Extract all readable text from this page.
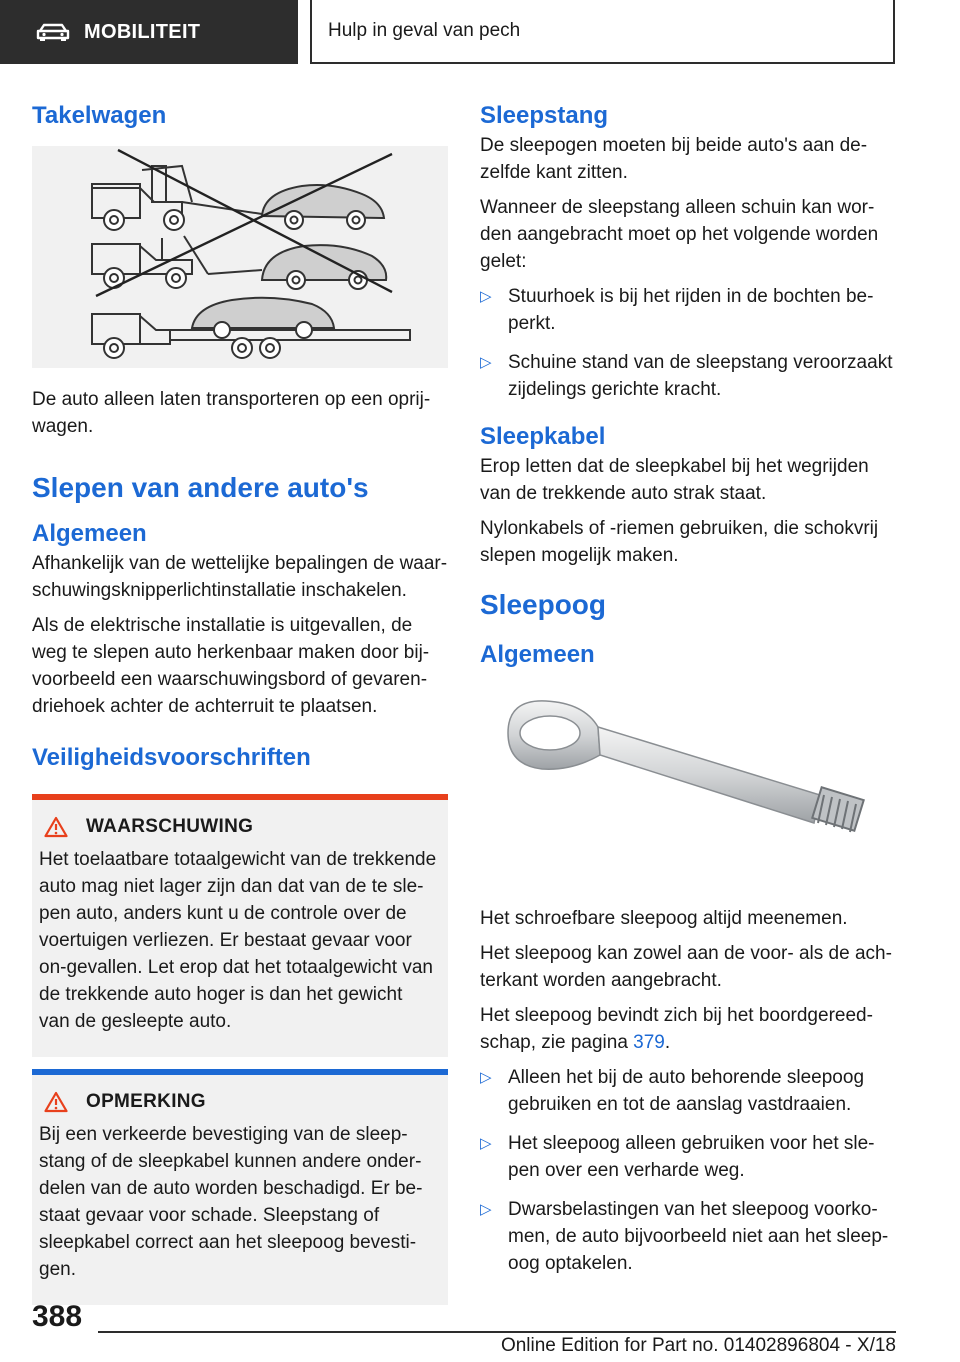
MOBILITEIT	Hulp in geval van pech
Takelwagen

De auto alleen laten transporteren op een oprij-wagen.

Slepen van andere auto's
Algemeen

Afhankelijk van de wettelijke bepalingen de waar-schuwingsknipperlichtinstallatie inschakelen.

Als de elektrische installatie is uitgevallen, de weg te slepen auto herkenbaar maken door bij-voorbeeld een waarschuwingsbord of gevaren-driehoek achter de achterruit te plaatsen.

Veiligheidsvoorschriften
WAARSCHUWING

Het toelaatbare totaalgewicht van de trekkende auto mag niet lager zijn dan dat van de te sle-pen auto, anders kunt u de controle over de voertuigen verliezen. Er bestaat gevaar voor on-gevallen. Let erop dat het totaalgewicht van de trekkende auto hoger is dan het gewicht van de gesleepte auto.

OPMERKING

Bij een verkeerde bevestiging van de sleep-stang of de sleepkabel kunnen andere onder-delen van de auto worden beschadigd. Er be-staat gevaar voor schade. Sleepstang of sleepkabel correct aan het sleepoog bevesti-gen.

Sleepstang

De sleepogen moeten bij beide auto's aan de-zelfde kant zitten.

Wanneer de sleepstang alleen schuin kan wor-den aangebracht moet op het volgende worden gelet:

▷ Stuurhoek is bij het rijden in de bochten be-perkt.
▷ Schuine stand van de sleepstang veroorzaakt zijdelings gerichte kracht.
Sleepkabel

Erop letten dat de sleepkabel bij het wegrijden van de trekkende auto strak staat.

Nylonkabels of -riemen gebruiken, die schokvrij slepen mogelijk maken.

Sleepoog
Algemeen

Het schroefbare sleepoog altijd meenemen.

Het sleepoog kan zowel aan de voor- als de ach-terkant worden aangebracht.

Het sleepoog bevindt zich bij het boordgereed-schap, zie pagina 379.

▷ Alleen het bij de auto behorende sleepoog gebruiken en tot de aanslag vastdraaien.
▷ Het sleepoog alleen gebruiken voor het sle-pen over een verharde weg.
▷ Dwarsbelastingen van het sleepoog voorko-men, de auto bijvoorbeeld niet aan het sleep-oog optakelen.
388
Online Edition for Part no. 01402896804 - X/18
